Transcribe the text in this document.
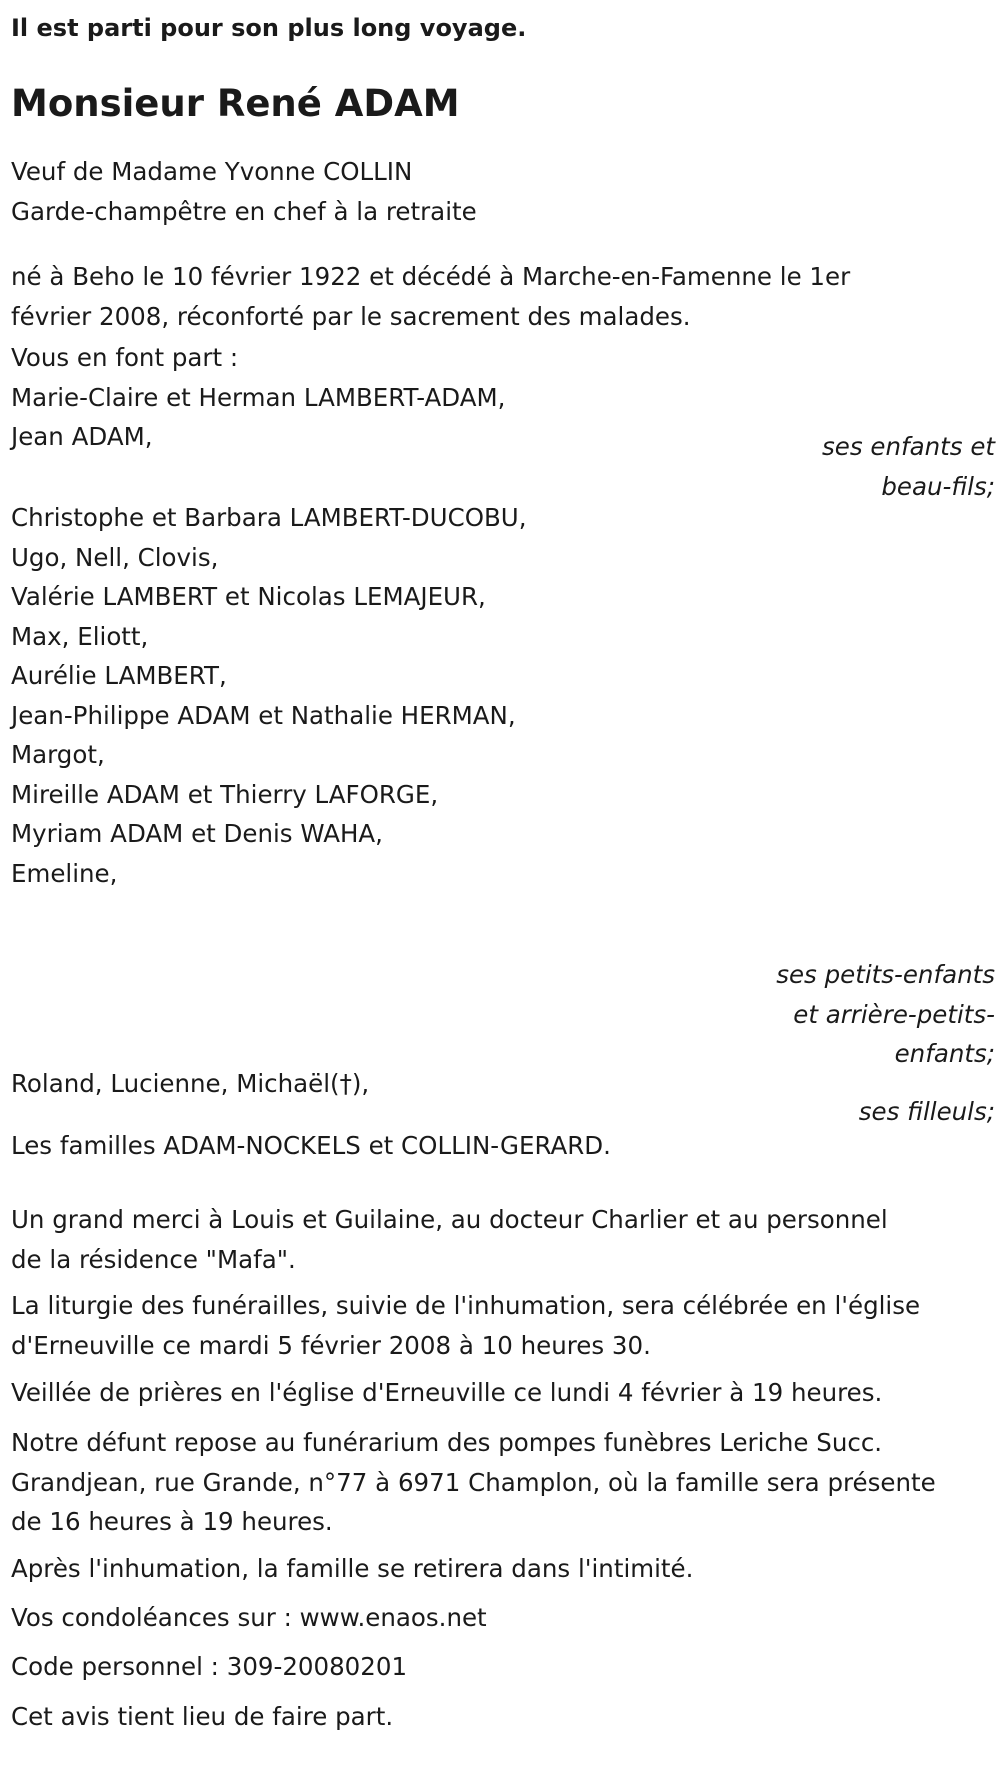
Il est parti pour son plus long voyage.
Monsieur René ADAM
Veuf de Madame Yvonne COLLIN
Garde-champêtre en chef à la retraite
né à Beho le 10 février 1922 et décédé à Marche-en-Famenne le 1er
février 2008, réconforté par le sacrement des malades.
Vous en font part :
Marie-Claire et Herman LAMBERT-ADAM,
Jean ADAM,	ses enfants et
beau-fils;
Christophe et Barbara LAMBERT-DUCOBU,
Ugo, Nell, Clovis,
Valérie LAMBERT et Nicolas LEMAJEUR,
Max, Eliott,
Aurélie LAMBERT,
Jean-Philippe ADAM et Nathalie HERMAN,
Margot,
Mireille ADAM et Thierry LAFORGE,
Myriam ADAM et Denis WAHA,
Emeline,
ses petits-enfants
et arrière-petits-
enfants;
Roland, Lucienne, Michaël(†),
ses filleuls;
Les familles ADAM-NOCKELS et COLLIN-GERARD.
Un grand merci à Louis et Guilaine, au docteur Charlier et au personnel
de la résidence "Mafa".
La liturgie des funérailles, suivie de l'inhumation, sera célébrée en l'église
d'Erneuville ce mardi 5 février 2008 à 10 heures 30.
Veillée de prières en l'église d'Erneuville ce lundi 4 février à 19 heures.
Notre défunt repose au funérarium des pompes funèbres Leriche Succ.
Grandjean, rue Grande, n°77 à 6971 Champlon, où la famille sera présente
de 16 heures à 19 heures.
Après l'inhumation, la famille se retirera dans l'intimité.
Vos condoléances sur : www.enaos.net
Code personnel : 309-20080201
Cet avis tient lieu de faire part.
